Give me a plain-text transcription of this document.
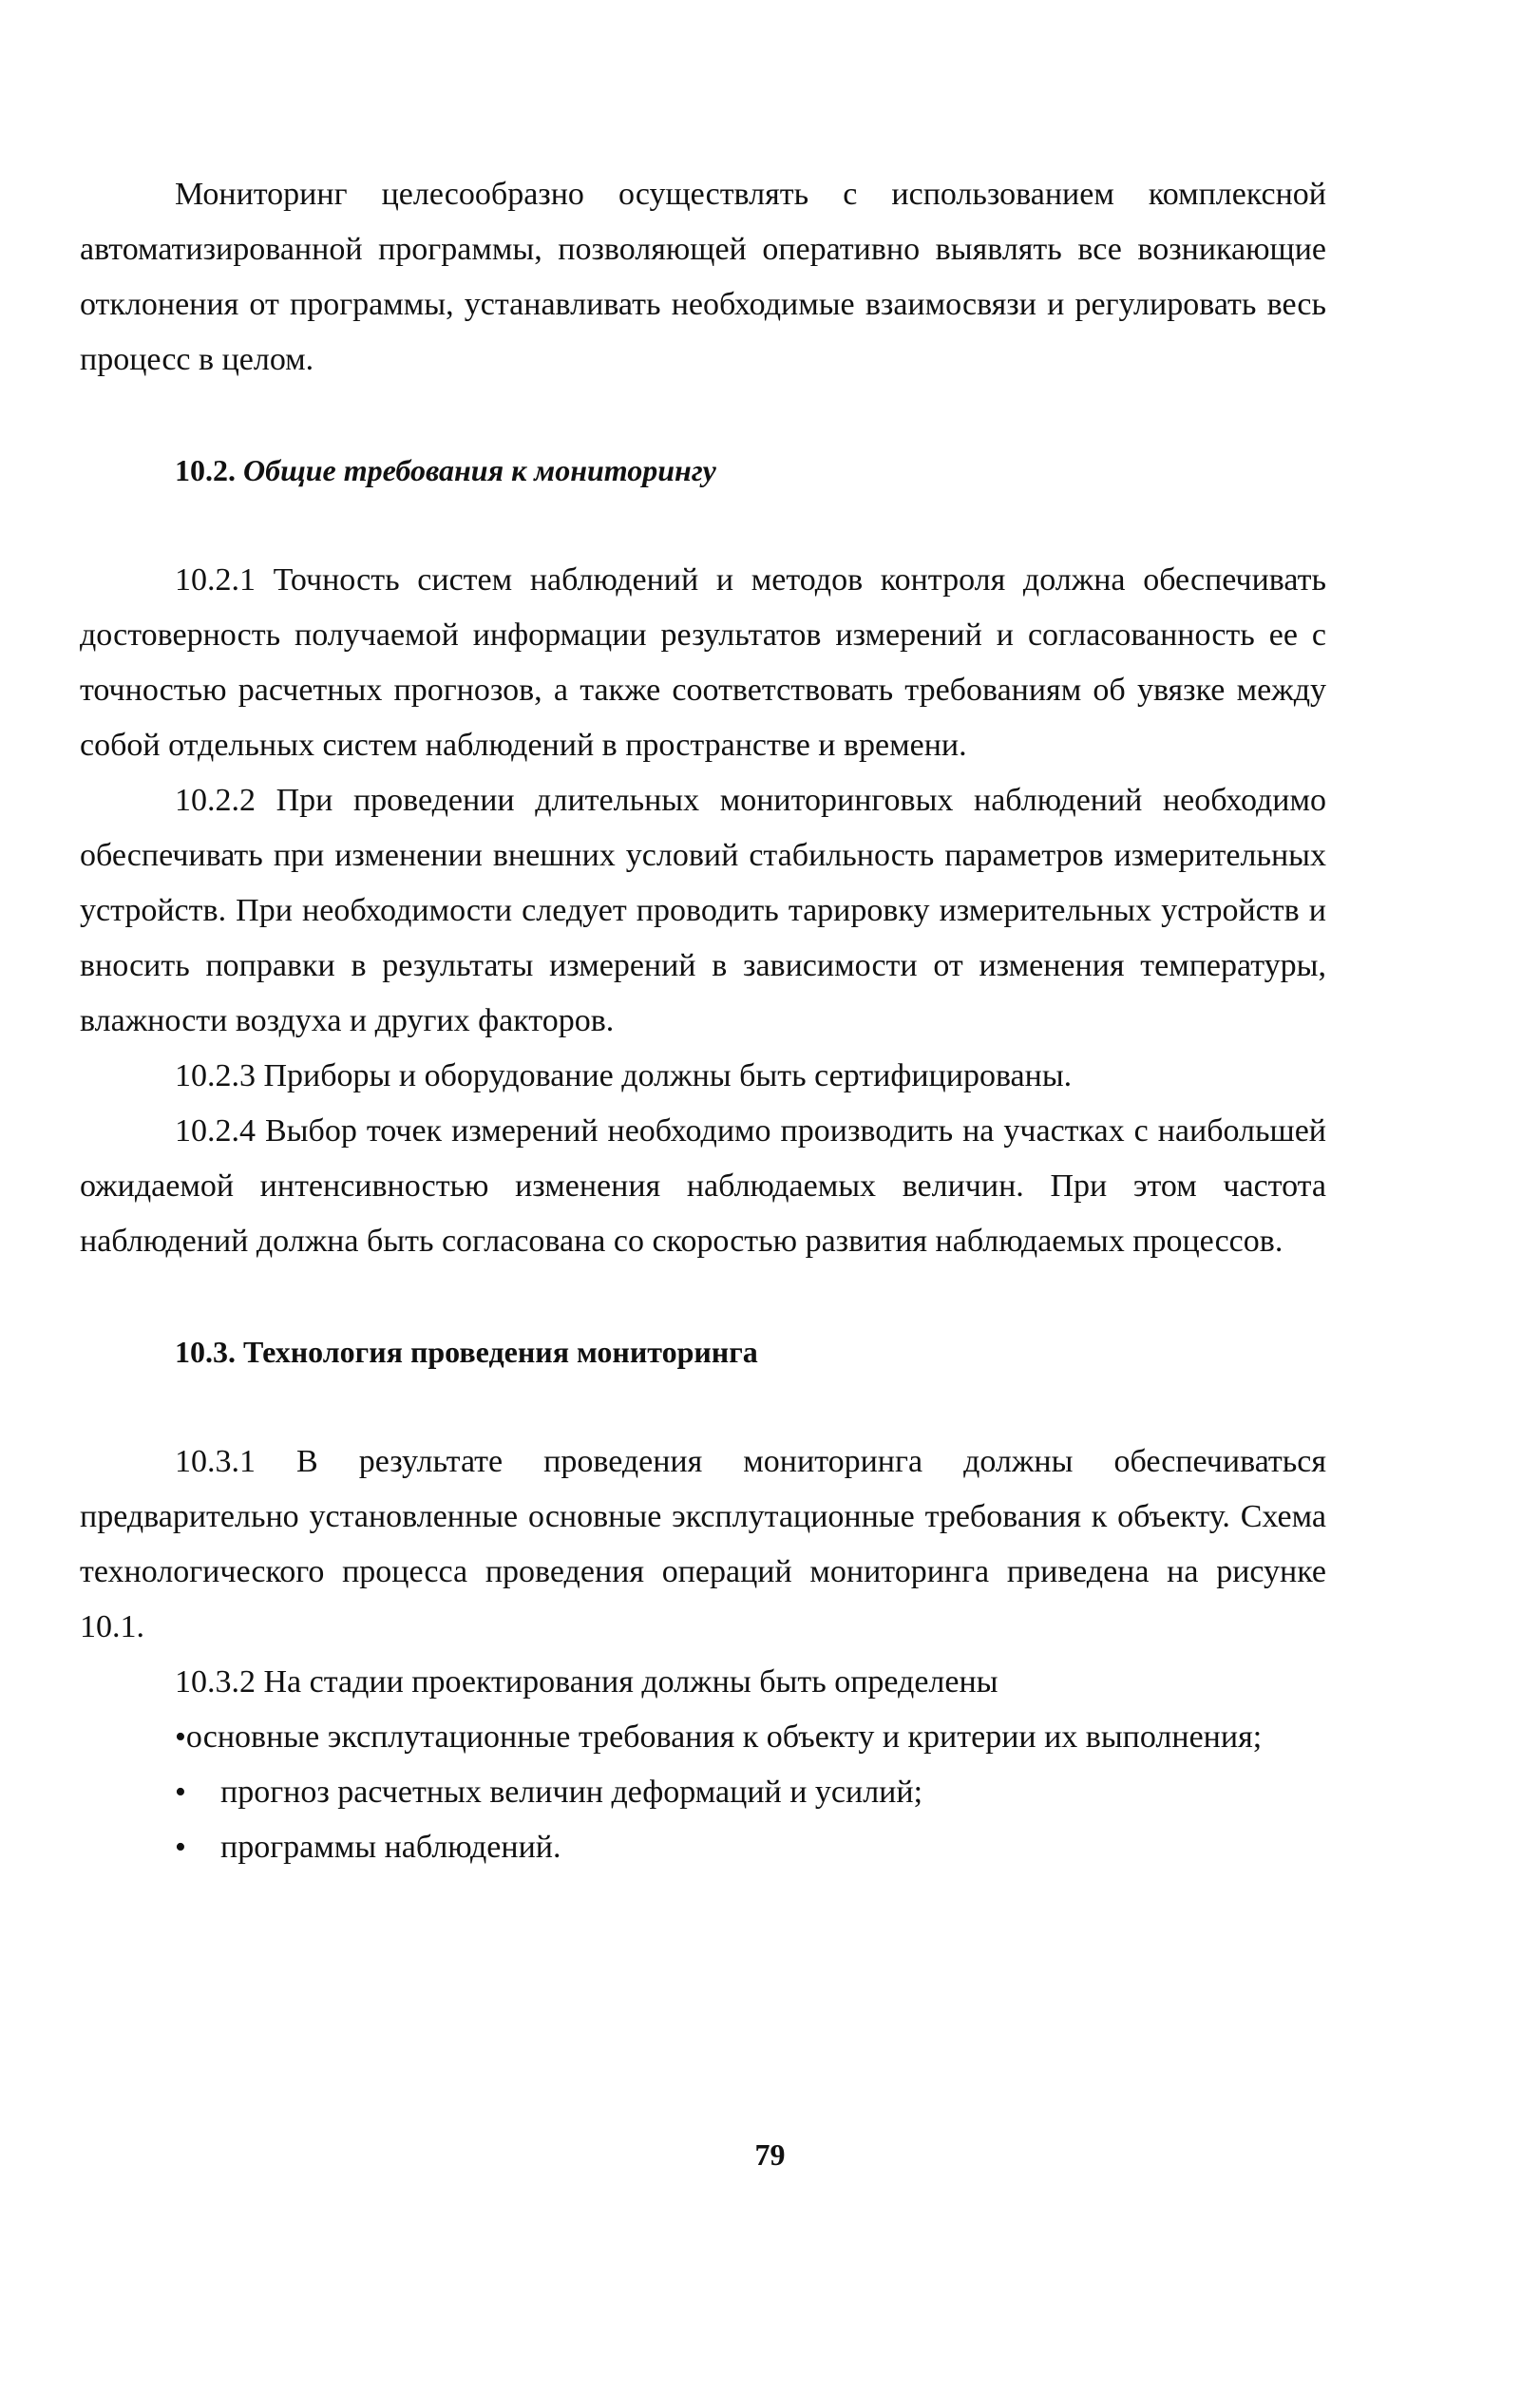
Мониторинг целесообразно осуществлять с использованием комплексной автоматизированной программы, позволяющей оперативно выявлять все возникающие отклонения от программы, устанавливать необходимые взаимосвязи и регулировать весь процесс в целом.

10.2. Общие требования к мониторингу

10.2.1 Точность систем наблюдений и методов контроля должна обеспечивать достоверность получаемой информации результатов измерений и согласованность ее с точностью расчетных прогнозов, а также соответствовать требованиям об увязке между собой отдельных систем наблюдений в пространстве и времени.

10.2.2 При проведении длительных мониторинговых наблюдений необходимо обеспечивать при изменении внешних условий стабильность параметров измерительных устройств. При необходимости следует проводить тарировку измерительных устройств и вносить поправки в результаты измерений в зависимости от изменения температуры, влажности воздуха и других факторов.

10.2.3 Приборы и оборудование должны быть сертифицированы.

10.2.4 Выбор точек измерений необходимо производить на участках с наибольшей ожидаемой интенсивностью изменения наблюдаемых величин. При этом частота наблюдений должна быть согласована со скоростью развития наблюдаемых процессов.

10.3. Технология проведения мониторинга

10.3.1 В результате проведения мониторинга должны обеспечиваться предварительно установленные основные эксплутационные требования к объекту. Схема технологического процесса проведения операций мониторинга приведена на рисунке 10.1.

10.3.2 На стадии проектирования должны быть определены

•основные эксплутационные требования к объекту и критерии их выполнения;

• прогноз расчетных величин деформаций и усилий;

• программы наблюдений.

79
